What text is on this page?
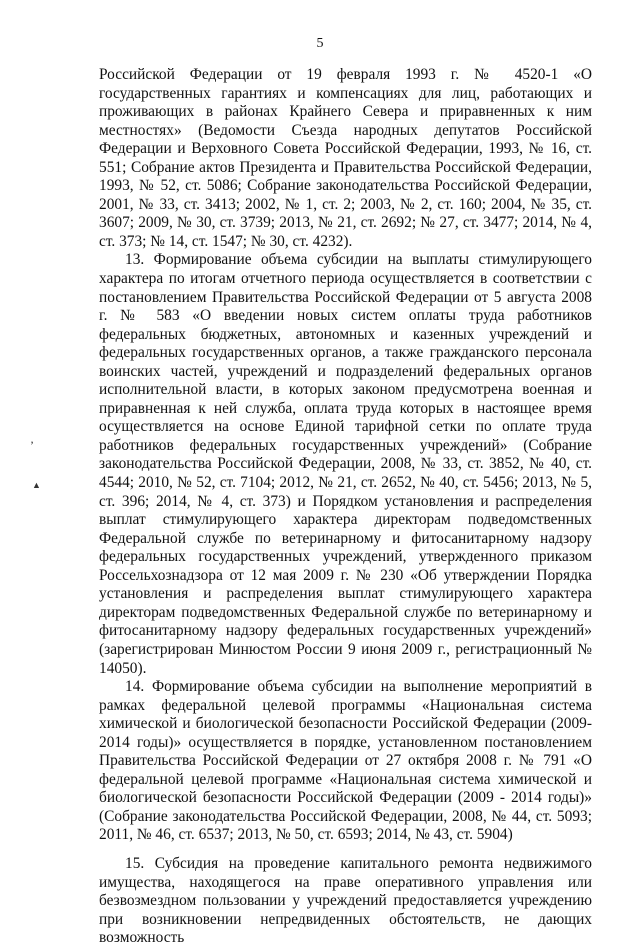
5
’
▲

Российской Федерации от 19 февраля 1993 г. № 4520-1 «О государственных гарантиях и компенсациях для лиц, работающих и проживающих в районах Крайнего Севера и приравненных к ним местностях» (Ведомости Съезда народных депутатов Российской Федерации и Верховного Совета Российской Федерации, 1993, № 16, ст. 551; Собрание актов Президента и Правительства Российской Федерации, 1993, № 52, ст. 5086; Собрание законодательства Российской Федерации, 2001, № 33, ст. 3413; 2002, № 1, ст. 2; 2003, № 2, ст. 160; 2004, № 35, ст. 3607; 2009, № 30, ст. 3739; 2013, № 21, ст. 2692; № 27, ст. 3477; 2014, № 4, ст. 373; № 14, ст. 1547; № 30, ст. 4232).

13. Формирование объема субсидии на выплаты стимулирующего характера по итогам отчетного периода осуществляется в соответствии с постановлением Правительства Российской Федерации от 5 августа 2008 г. № 583 «О введении новых систем оплаты труда работников федеральных бюджетных, автономных и казенных учреждений и федеральных государственных органов, а также гражданского персонала воинских частей, учреждений и подразделений федеральных органов исполнительной власти, в которых законом предусмотрена военная и приравненная к ней служба, оплата труда которых в настоящее время осуществляется на основе Единой тарифной сетки по оплате труда работников федеральных государственных учреждений» (Собрание законодательства Российской Федерации, 2008, № 33, ст. 3852, № 40, ст. 4544; 2010, № 52, ст. 7104; 2012, № 21, ст. 2652, № 40, ст. 5456; 2013, № 5, ст. 396; 2014, № 4, ст. 373) и Порядком установления и распределения выплат стимулирующего характера директорам подведомственных Федеральной службе по ветеринарному и фитосанитарному надзору федеральных государственных учреждений, утвержденного приказом Россельхознадзора от 12 мая 2009 г. № 230 «Об утверждении Порядка установления и распределения выплат стимулирующего характера директорам подведомственных Федеральной службе по ветеринарному и фитосанитарному надзору федеральных государственных учреждений» (зарегистрирован Минюстом России 9 июня 2009 г., регистрационный № 14050).

14. Формирование объема субсидии на выполнение мероприятий в рамках федеральной целевой программы «Национальная система химической и биологической безопасности Российской Федерации (2009-2014 годы)» осуществляется в порядке, установленном постановлением Правительства Российской Федерации от 27 октября 2008 г. № 791 «О федеральной целевой программе «Национальная система химической и биологической безопасности Российской Федерации (2009 - 2014 годы)» (Собрание законодательства Российской Федерации, 2008, № 44, ст. 5093; 2011, № 46, ст. 6537; 2013, № 50, ст. 6593; 2014, № 43, ст. 5904)

15. Субсидия на проведение капитального ремонта недвижимого имущества, находящегося на праве оперативного управления или безвозмездном пользовании у учреждений предоставляется учреждению при возникновении непредвиденных обстоятельств, не дающих возможность
